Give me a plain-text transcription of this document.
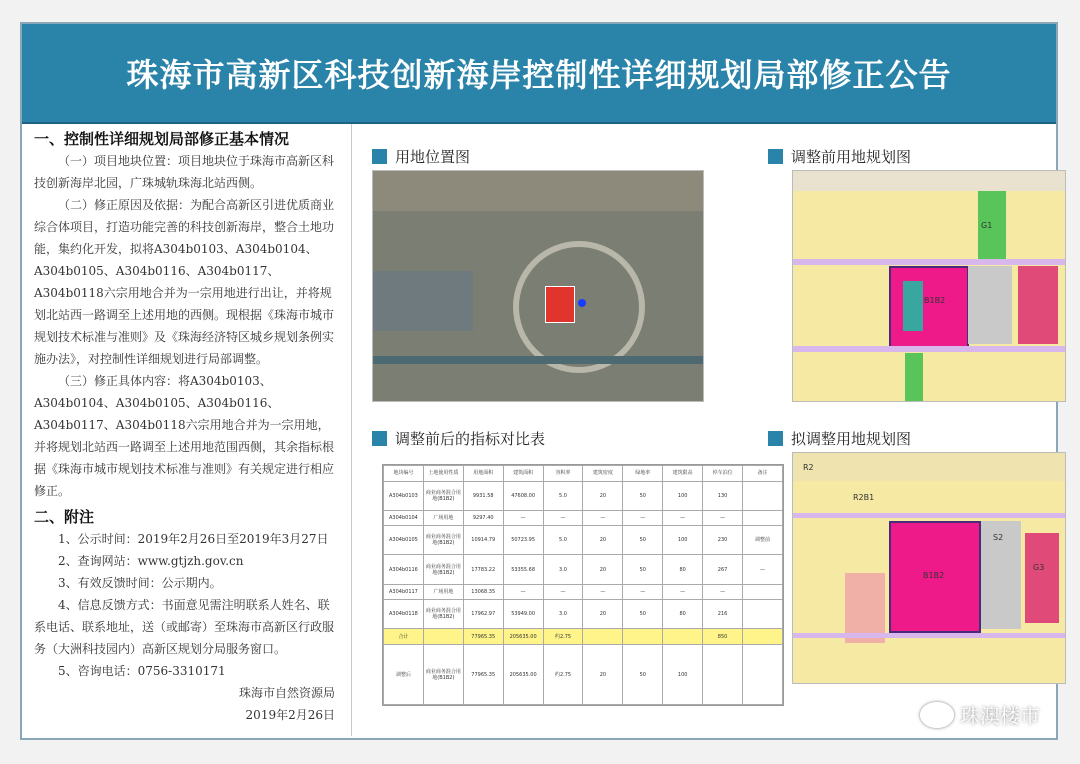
珠海市高新区科技创新海岸控制性详细规划局部修正公告
一、控制性详细规划局部修正基本情况

（一）项目地块位置：项目地块位于珠海市高新区科技创新海岸北园，广珠城轨珠海北站西侧。

（二）修正原因及依据：为配合高新区引进优质商业综合体项目，打造功能完善的科技创新海岸，整合土地功能，集约化开发，拟将A304b0103、A304b0104、A304b0105、A304b0116、A304b0117、A304b0118六宗用地合并为一宗用地进行出让，并将规划北站西一路调至上述用地的西侧。现根据《珠海市城市规划技术标准与准则》及《珠海经济特区城乡规划条例实施办法》，对控制性详细规划进行局部调整。

（三）修正具体内容：将A304b0103、A304b0104、A304b0105、A304b0116、A304b0117、A304b0118六宗用地合并为一宗用地，并将规划北站西一路调至上述用地范围西侧，其余指标根据《珠海市城市规划技术标准与准则》有关规定进行相应修正。

二、附注

1、公示时间：2019年2月26日至2019年3月27日

2、查询网站：www.gtjzh.gov.cn

3、有效反馈时间：公示期内。

4、信息反馈方式：书面意见需注明联系人姓名、联系电话、联系地址，送（或邮寄）至珠海市高新区行政服务（大洲科技园内）高新区规划分局服务窗口。

5、咨询电话：0756-3310171

珠海市自然资源局
2019年2月26日
用地位置图	调整前用地规划图
调整前后的指标对比表	拟调整用地规划图
B1B2
G1
地块编号	土地使用性质	用地面积	建筑面积	容积率	建筑密度	绿地率	建筑限高	停车泊位	备注
A304b0103	商业商务混合用地(B1B2)	9931.58	47608.00	5.0	20	50	100	130	
A304b0104	广场用地	9297.40	—	—	—	—	—	—	
A304b0105	商业商务混合用地(B1B2)	10914.79	50723.95	5.0	20	50	100	230	调整前
A304b0116	商业商务混合用地(B1B2)	17783.22	53355.68	3.0	20	50	80	267	—
A304b0117	广场用地	13068.35	—	—	—	—	—	—	
A304b0118	商业商务混合用地(B1B2)	17962.97	53949.00	3.0	20	50	80	216	
合计		77965.35	205635.00	约2.75				850	
调整后	商业商务混合用地(B1B2)	77965.35	205635.00	约2.75	20	50	100		
B1B2
R2
R2B1
S2
G3
珠澳楼市
